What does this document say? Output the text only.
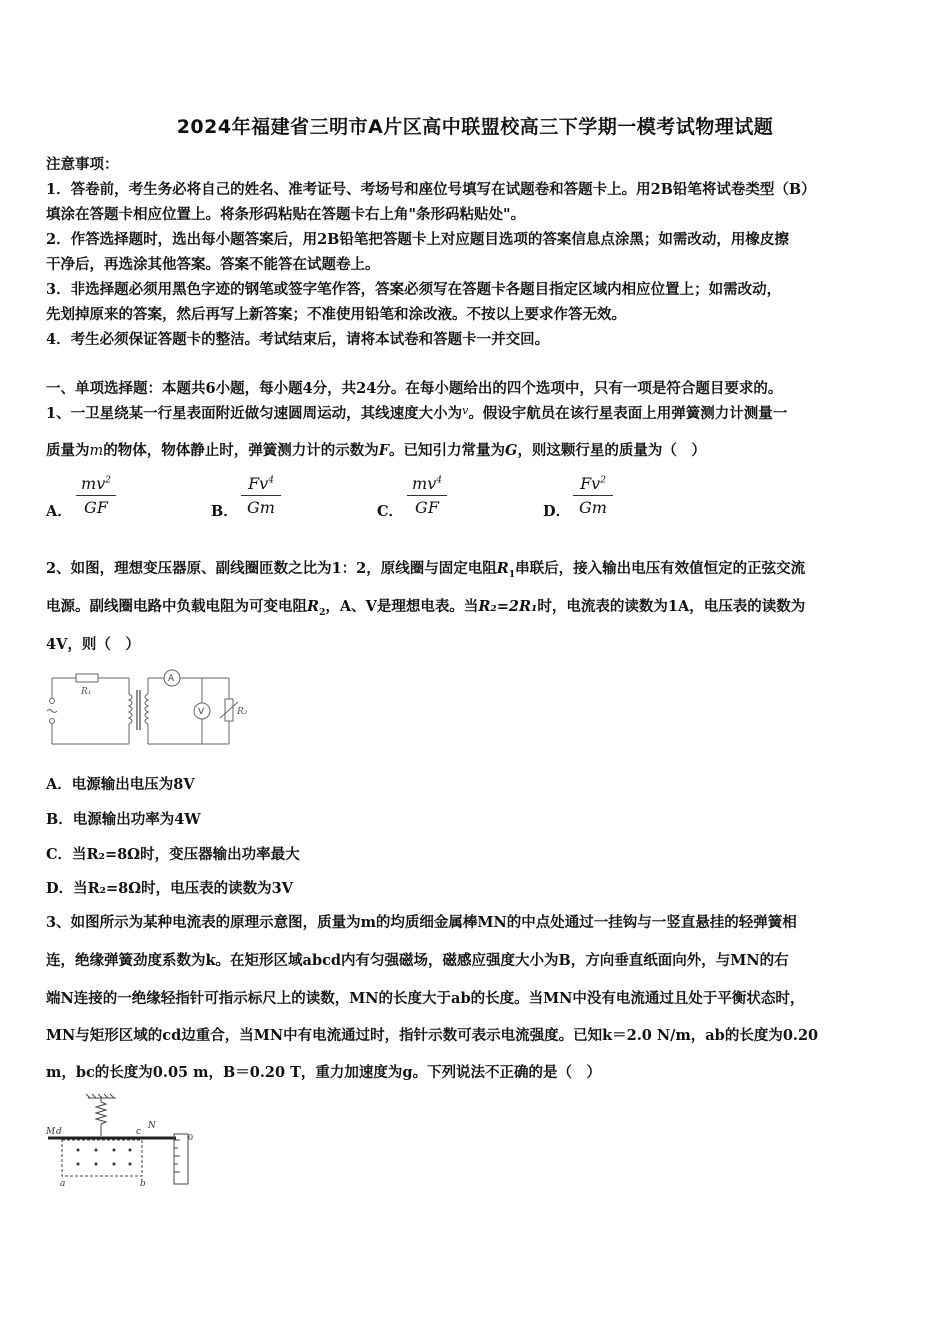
2024年福建省三明市A片区高中联盟校高三下学期一模考试物理试题
注意事项：
1．答卷前，考生务必将自己的姓名、准考证号、考场号和座位号填写在试题卷和答题卡上。用2B铅笔将试卷类型（B）
填涂在答题卡相应位置上。将条形码粘贴在答题卡右上角"条形码粘贴处"。
2．作答选择题时，选出每小题答案后，用2B铅笔把答题卡上对应题目选项的答案信息点涂黑；如需改动，用橡皮擦
干净后，再选涂其他答案。答案不能答在试题卷上。
3．非选择题必须用黑色字迹的钢笔或签字笔作答，答案必须写在答题卡各题目指定区域内相应位置上；如需改动，
先划掉原来的答案，然后再写上新答案；不准使用铅笔和涂改液。不按以上要求作答无效。
4．考生必须保证答题卡的整洁。考试结束后，请将本试卷和答题卡一并交回。
一、单项选择题：本题共6小题，每小题4分，共24分。在每小题给出的四个选项中，只有一项是符合题目要求的。
1、一卫星绕某一行星表面附近做匀速圆周运动，其线速度大小为$^v$。假设宇航员在该行星表面上用弹簧测力计测量一
质量为m的物体，物体静止时，弹簧测力计的示数为F。已知引力常量为G，则这颗行星的质量为（　）
A． $\frac{mv^2}{GF}$	B． $\frac{Fv^4}{Gm}$	C． $\frac{mv^4}{GF}$	D． $\frac{Fv^2}{Gm}$
2、如图，理想变压器原、副线圈匝数之比为1：2，原线圈与固定电阻$R_1$串联后，接入输出电压有效值恒定的正弦交流
电源。副线圈电路中负载电阻为可变电阻$R_2$，A、V是理想电表。当R₂=2R₁时，电流表的读数为1A，电压表的读数为
4V，则（　）
R₁
A
V	R₂
A．电源输出电压为8V
B．电源输出功率为4W
C．当R₂=8Ω时，变压器输出功率最大
D．当R₂=8Ω时，电压表的读数为3V
3、如图所示为某种电流表的原理示意图，质量为m的均质细金属棒MN的中点处通过一挂钩与一竖直悬挂的轻弹簧相
连，绝缘弹簧劲度系数为k。在矩形区域abcd内有匀强磁场，磁感应强度大小为B，方向垂直纸面向外，与MN的右
端N连接的一绝缘轻指针可指示标尺上的读数，MN的长度大于ab的长度。当MN中没有电流通过且处于平衡状态时，
MN与矩形区域的cd边重合，当MN中有电流通过时，指针示数可表示电流强度。已知k＝2.0 N/m，ab的长度为0.20
m，bc的长度为0.05 m，B＝0.20 T，重力加速度为g。下列说法不正确的是（　）
M d	c
N
a	b
0
